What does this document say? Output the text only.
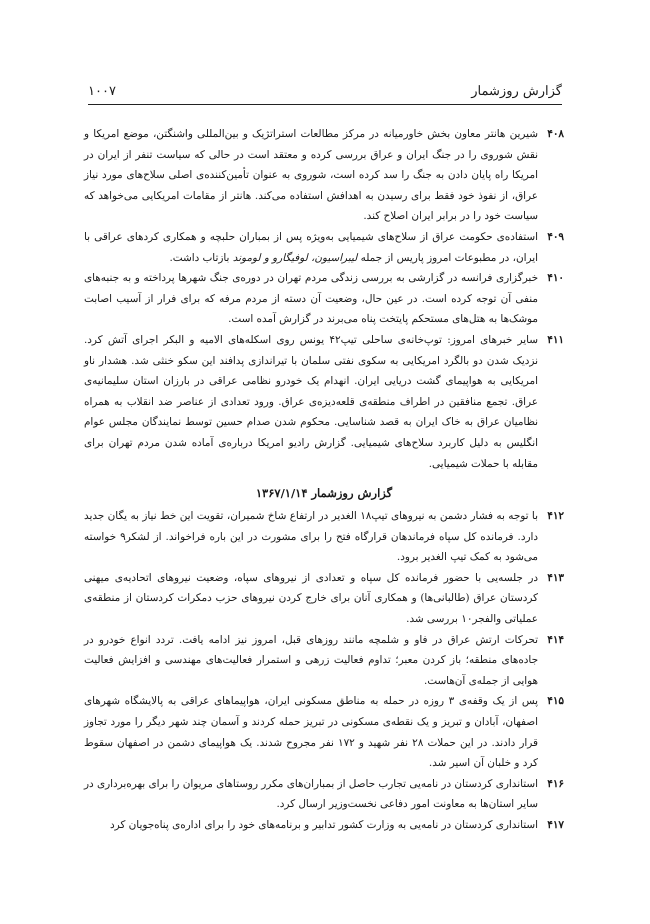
گزارش روزشمار
۱۰۰۷
۴۰۸
شیرین هانتر معاون بخش خاورمیانه در مرکز مطالعات استراتژیک و بین‌المللی واشنگتن، موضع امریکا و نقش شوروی را در جنگ ایران و عراق بررسی کرده و معتقد است در حالی که سیاست تنفر از ایران در امریکا راه پایان دادن به جنگ را سد کرده است، شوروی به عنوان تأمین‌کننده‌ی اصلی سلاح‌های مورد نیاز عراق، از نفوذ خود فقط برای رسیدن به اهدافش استفاده می‌کند. هانتر از مقامات امریکایی می‌خواهد که سیاست خود را در برابر ایران اصلاح کند.
۴۰۹
استفاده‌ی حکومت عراق از سلاح‌های شیمیایی به‌ویژه پس از بمباران حلبچه و همکاری کردهای عراقی با ایران، در مطبوعات امروز پاریس از جمله لیبراسیون، لوفیگارو و لوموند بازتاب داشت.
۴۱۰
خبرگزاری فرانسه در گزارشی به بررسی زندگی مردم تهران در دوره‌ی جنگ شهرها پرداخته و به جنبه‌های منفی آن توجه کرده است. در عین حال، وضعیت آن دسته از مردم مرفه که برای فرار از آسیب اصابت موشک‌ها به هتل‌های مستحکم پایتخت پناه می‌برند در گزارش آمده است.
۴۱۱
سایر خبرهای امروز: توپ‌خانه‌ی ساحلی تیپ۴۲ یونس روی اسکله‌های الامیه و البکر اجرای آتش کرد. نزدیک شدن دو بالگرد امریکایی به سکوی نفتی سلمان با تیراندازی پدافند این سکو خنثی شد. هشدار ناو امریکایی به هواپیمای گشت دریایی ایران. انهدام یک خودرو نظامی عراقی در بارزان استان سلیمانیه‌ی عراق. تجمع منافقین در اطراف منطقه‌ی قلعه‌دیزه‌ی عراق. ورود تعدادی از عناصر ضد انقلاب به همراه نظامیان عراق به خاک ایران به قصد شناسایی. محکوم شدن صدام حسین توسط نمایندگان مجلس عوام انگلیس به دلیل کاربرد سلاح‌های شیمیایی. گزارش رادیو امریکا درباره‌ی آماده شدن مردم تهران برای مقابله با حملات شیمیایی.
گزارش روزشمار ۱۳۶۷/۱/۱۴
۴۱۲
با توجه به فشار دشمن به نیروهای تیپ۱۸ الغدیر در ارتفاع شاخ شمیران، تقویت این خط نیاز به یگان جدید دارد. فرمانده کل سپاه فرماندهان قرارگاه فتح را برای مشورت در این باره فراخواند. از لشکر۹ خواسته می‌شود به کمک تیپ الغدیر برود.
۴۱۳
در جلسه‌یی با حضور فرمانده کل سپاه و تعدادی از نیروهای سپاه، وضعیت نیروهای اتحادیه‌ی میهنی کردستان عراق (طالبانی‌ها) و همکاری آنان برای خارج کردن نیروهای حزب دمکرات کردستان از منطقه‌ی عملیاتی والفجر۱۰ بررسی شد.
۴۱۴
تحرکات ارتش عراق در فاو و شلمچه مانند روزهای قبل، امروز نیز ادامه یافت. تردد انواع خودرو در جاده‌های منطقه؛ باز کردن معبر؛ تداوم فعالیت زرهی و استمرار فعالیت‌های مهندسی و افزایش فعالیت هوایی از جمله‌ی آن‌هاست.
۴۱۵
پس از یک وقفه‌ی ۳ روزه در حمله به مناطق مسکونی ایران، هواپیماهای عراقی به پالایشگاه شهرهای اصفهان، آبادان و تبریز و یک نقطه‌ی مسکونی در تبریز حمله کردند و آسمان چند شهر دیگر را مورد تجاوز قرار دادند. در این حملات ۲۸ نفر شهید و ۱۷۲ نفر مجروح شدند. یک هواپیمای دشمن در اصفهان سقوط کرد و خلبان آن اسیر شد.
۴۱۶
استانداری کردستان در نامه‌یی تجارب حاصل از بمباران‌های مکرر روستاهای مریوان را برای بهره‌برداری در سایر استان‌ها به معاونت امور دفاعی نخست‌وزیر ارسال کرد.
۴۱۷
استانداری کردستان در نامه‌یی به وزارت کشور تدابیر و برنامه‌های خود را برای اداره‌ی پناه‌جویان کرد
